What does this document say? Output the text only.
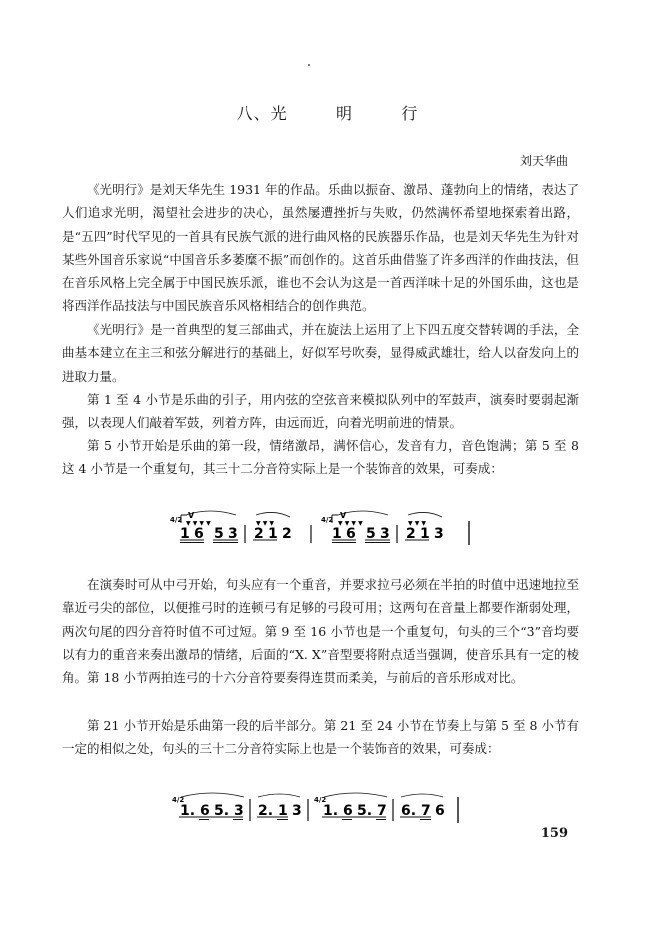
八、光    明    行
刘天华曲

《光明行》是刘天华先生 1931 年的作品。乐曲以振奋、激昂、蓬勃向上的情绪，表达了人们追求光明，渴望社会进步的决心，虽然屡遭挫折与失败，仍然满怀希望地探索着出路，是“五四”时代罕见的一首具有民族气派的进行曲风格的民族器乐作品，也是刘天华先生为针对某些外国音乐家说“中国音乐多萎糜不振”而创作的。这首乐曲借鉴了许多西洋的作曲技法，但在音乐风格上完全属于中国民族乐派，谁也不会认为这是一首西洋味十足的外国乐曲，这也是将西洋作品技法与中国民族音乐风格相结合的创作典范。

《光明行》是一首典型的复三部曲式，并在旋法上运用了上下四五度交替转调的手法，全曲基本建立在主三和弦分解进行的基础上，好似军号吹奏，显得威武雄壮，给人以奋发向上的进取力量。

第 1 至 4 小节是乐曲的引子，用内弦的空弦音来模拟队列中的军鼓声，演奏时要弱起渐强，以表现人们敲着军鼓，列着方阵，由远而近，向着光明前进的情景。

第 5 小节开始是乐曲的第一段，情绪激昂，满怀信心，发音有力，音色饱满；第 5 至 8 这 4 小节是一个重复句，其三十二分音符实际上是一个装饰音的效果，可奏成：

4/2 V
▼ ▼ ▼ ▼
1 6 5 3
▼ ▼ ▼
2 1 2
4/2 V
▼ ▼ ▼ ▼
1 6 5 3
▼ ▼ ▼
2 1 3

在演奏时可从中弓开始，句头应有一个重音，并要求拉弓必须在半拍的时值中迅速地拉至靠近弓尖的部位，以便推弓时的连顿弓有足够的弓段可用；这两句在音量上都要作渐弱处理，两次句尾的四分音符时值不可过短。第 9 至 16 小节也是一个重复句，句头的三个“3̇”音均要以有力的重音来奏出激昂的情绪，后面的“X. X”音型要将附点适当强调，使音乐具有一定的棱角。第 18 小节两拍连弓的十六分音符要奏得连贯而柔美，与前后的音乐形成对比。

第 21 小节开始是乐曲第一段的后半部分。第 21 至 24 小节在节奏上与第 5 至 8 小节有一定的相似之处，句头的三十二分音符实际上也是一个装饰音的效果，可奏成：

4/2
1. 6 5. 3 2. 1 3
4/2
1. 6 5. 7 6. 7 6
159
